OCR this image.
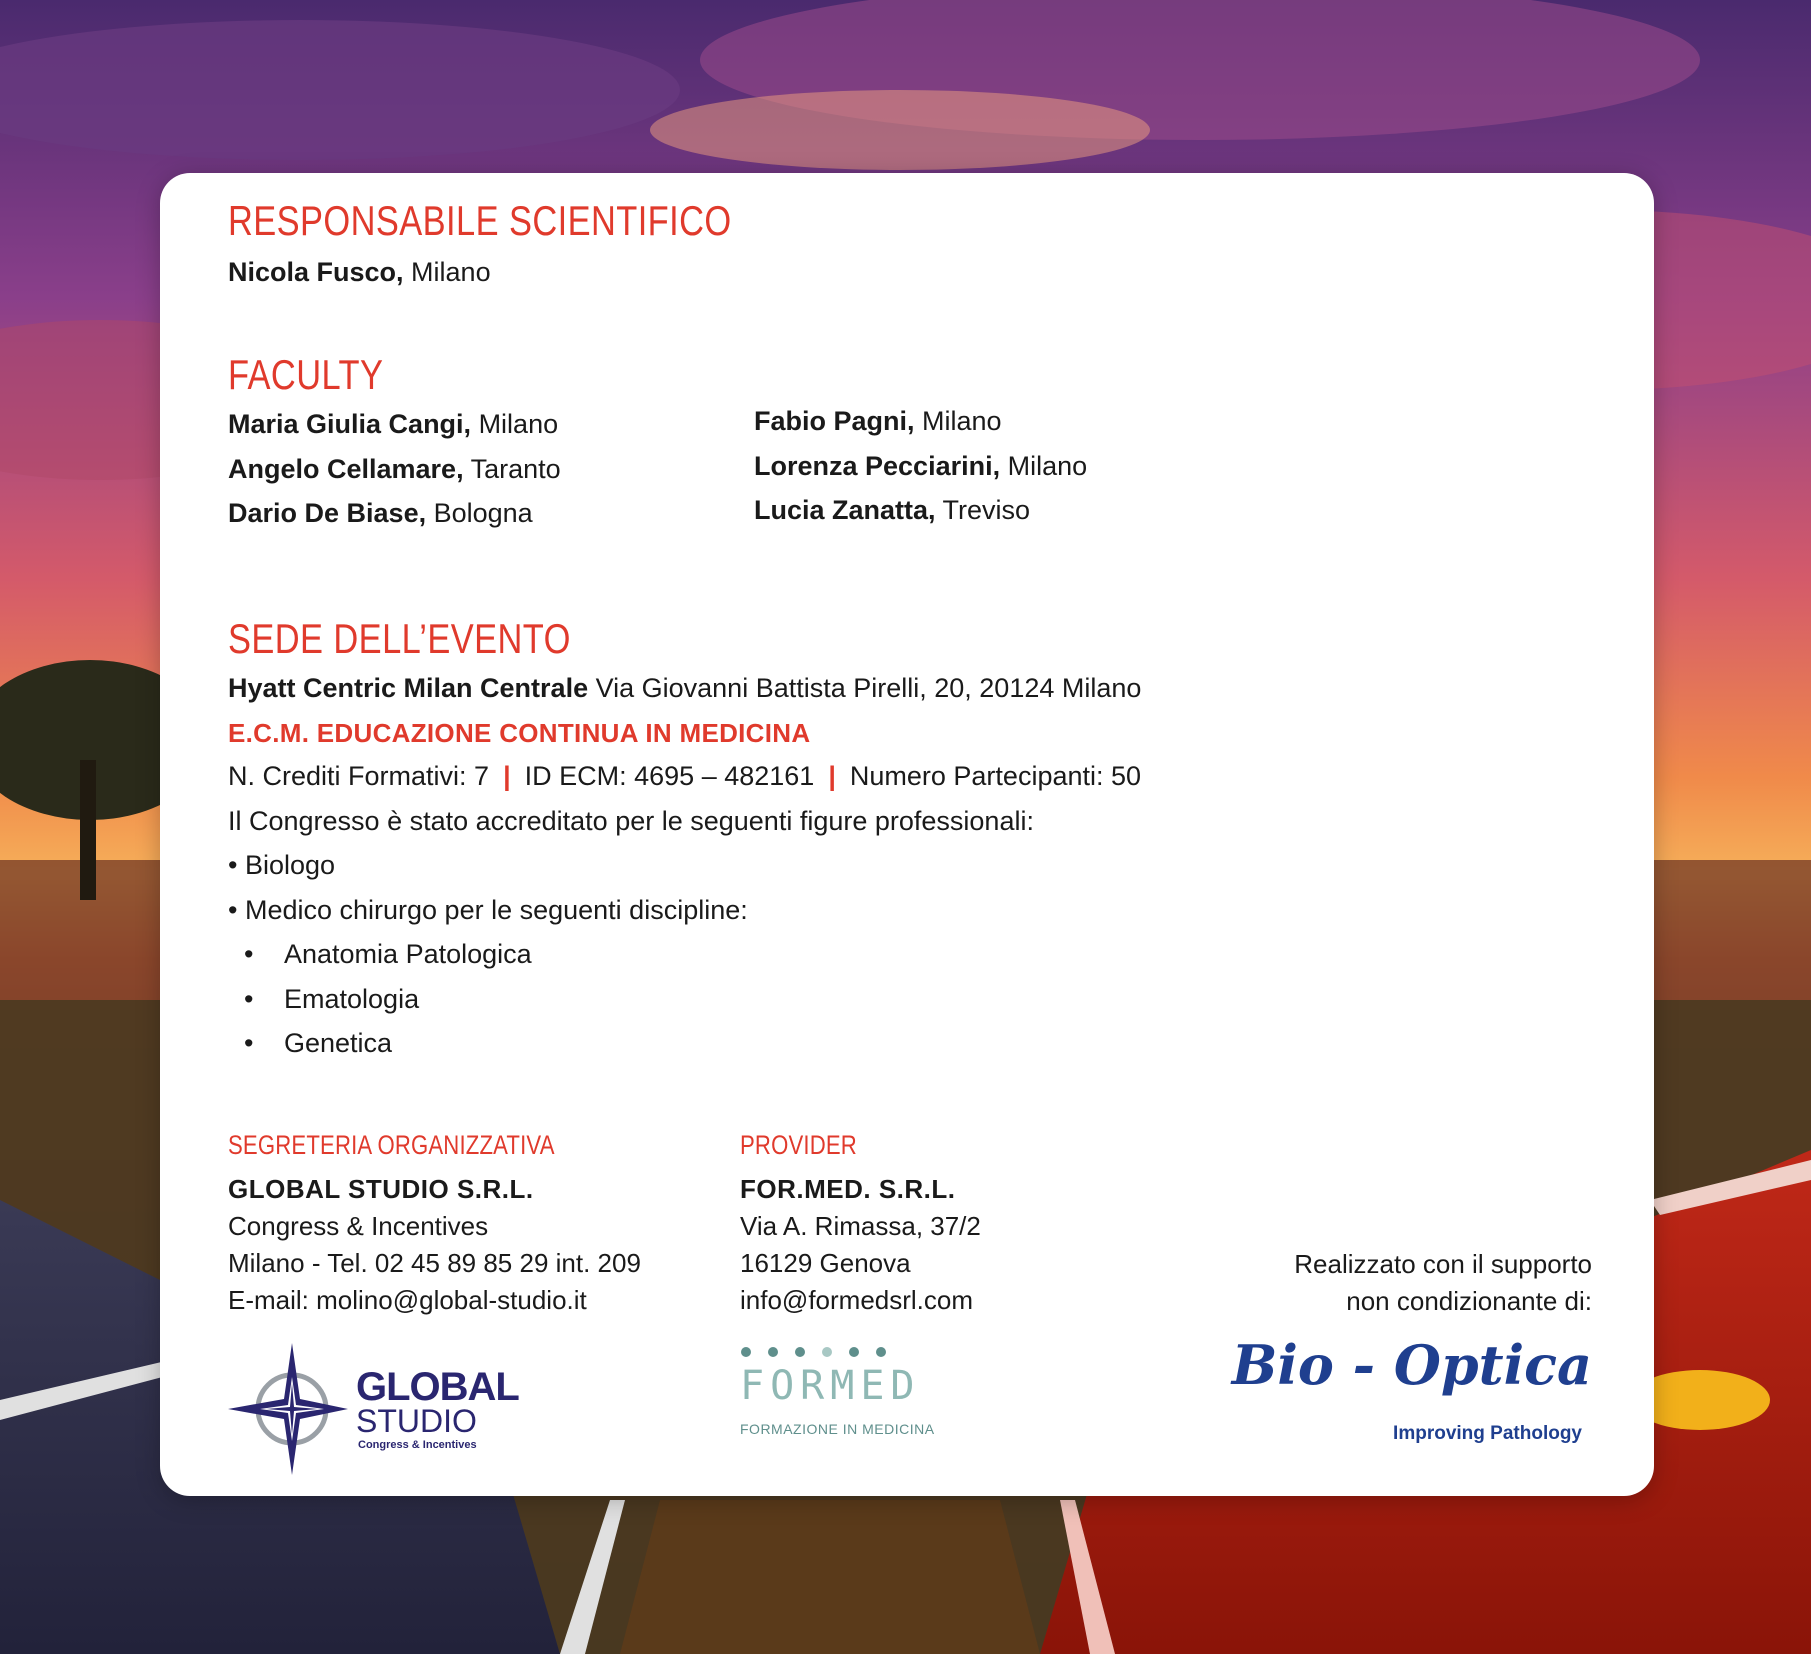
RESPONSABILE SCIENTIFICO
Nicola Fusco, Milano
FACULTY
Maria Giulia Cangi, Milano
Angelo Cellamare, Taranto
Dario De Biase, Bologna
Fabio Pagni, Milano
Lorenza Pecciarini, Milano
Lucia Zanatta, Treviso
SEDE DELL’EVENTO
Hyatt Centric Milan Centrale Via Giovanni Battista Pirelli, 20, 20124 Milano
E.C.M. EDUCAZIONE CONTINUA IN MEDICINA
N. Crediti Formativi: 7 | ID ECM: 4695 – 482161 | Numero Partecipanti: 50
Il Congresso è stato accreditato per le seguenti figure professionali:
• Biologo
• Medico chirurgo per le seguenti discipline:
• Anatomia Patologica
• Ematologia
• Genetica
SEGRETERIA ORGANIZZATIVA
GLOBAL STUDIO S.R.L.
Congress & Incentives
Milano - Tel. 02 45 89 85 29 int. 209
E-mail: molino@global-studio.it
PROVIDER
FOR.MED. S.R.L.
Via A. Rimassa, 37/2
16129 Genova
info@formedsrl.com
Realizzato con il supporto
non condizionante di:
GLOBAL
STUDIO
Congress & Incentives
FORMED
FORMAZIONE IN MEDICINA
Bio - Optica
Improving Pathology
